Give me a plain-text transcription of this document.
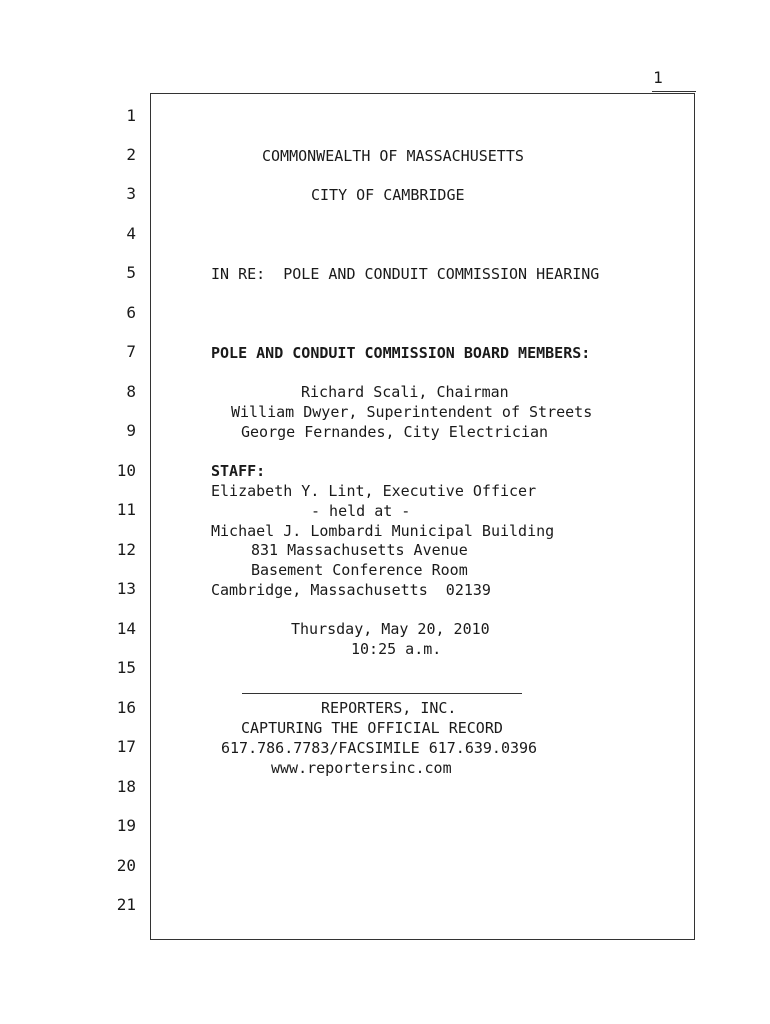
1
1
2
3
4
5
6
7
8
9
10
11
12
13
14
15
16
17
18
19
20
21
COMMONWEALTH OF MASSACHUSETTS
CITY OF CAMBRIDGE
IN RE:  POLE AND CONDUIT COMMISSION HEARING
POLE AND CONDUIT COMMISSION BOARD MEMBERS:
Richard Scali, Chairman
William Dwyer, Superintendent of Streets
George Fernandes, City Electrician
STAFF:
Elizabeth Y. Lint, Executive Officer
- held at -
Michael J. Lombardi Municipal Building
831 Massachusetts Avenue
Basement Conference Room
Cambridge, Massachusetts  02139
Thursday, May 20, 2010
10:25 a.m.
REPORTERS, INC.
CAPTURING THE OFFICIAL RECORD
617.786.7783/FACSIMILE 617.639.0396
www.reportersinc.com
